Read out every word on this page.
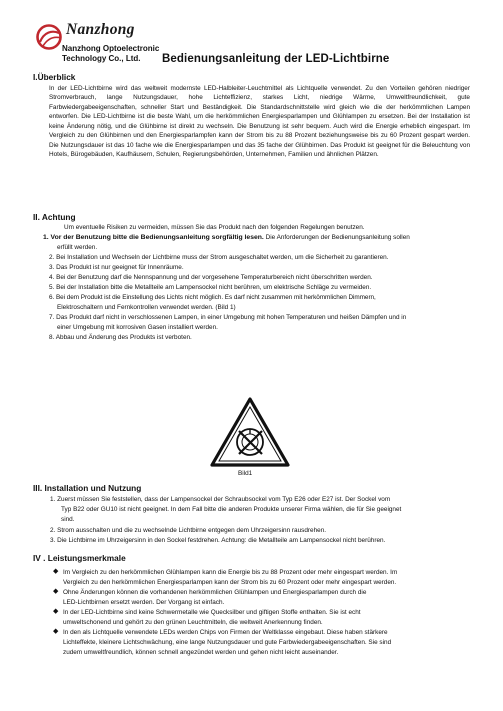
Nanzhong
Nanzhong Optoelectronic
Technology Co., Ltd.	Bedienungsanleitung der LED-Lichtbirne
I.Überblick
In der LED-Lichtbirne wird das weltweit modernste LED-Halbleiter-Leuchtmittel als Lichtquelle verwendet. Zu den Vorteilen gehören niedriger Stromverbrauch, lange Nutzungsdauer, hohe Lichteffizienz, starkes Licht, niedrige Wärme, Umweltfreundlichkeit, gute Farbwiedergabeeigenschaften, schneller Start und Beständigkeit. Die Standardschnittstelle wird gleich wie die der herkömmlichen Lampen entworfen. Die LED-Lichtbirne ist die beste Wahl, um die herkömmlichen Energiesparlampen und Glühlampen zu ersetzen. Bei der Installation ist keine Änderung nötig, und die Glühbirne ist direkt zu wechseln. Die Benutzung ist sehr bequem. Auch wird die Energie erheblich eingespart. Im Vergleich zu den Glühbirnen und den Energiesparlampfen kann der Strom bis zu 88 Prozent beziehungsweise bis zu 60 Prozent gespart werden. Die Nutzungsdauer ist das 10 fache wie die Energiesparlampen und das 35 fache der Glühbirnen. Das Produkt ist geeignet für die Beleuchtung von Hotels, Bürogebäuden, Kaufhäusern, Schulen, Regierungsbehörden, Unternehmen, Familien und ähnlichen Plätzen.
II. Achtung
Um eventuelle Risiken zu vermeiden, müssen Sie das Produkt nach den folgenden Regelungen benutzen.
1. Vor der Benutzung bitte die Bedienungsanleitung sorgfältig lesen. Die Anforderungen der Bedienungsanleitung sollen
erfüllt werden.
2. Bei Installation und Wechseln der Lichtbirne muss der Strom ausgeschaltet werden, um die Sicherheit zu garantieren.
3. Das Produkt ist nur geeignet für Innenräume.
4. Bei der Benutzung darf die Nennspannung und der vorgesehene Temperaturbereich nicht überschritten werden.
5. Bei der Installation bitte die Metallteile am Lampensockel nicht berühren, um elektrische Schläge zu vermeiden.
6. Bei dem Produkt ist die Einstellung des Lichts nicht möglich. Es darf nicht zusammen mit herkömmlichen Dimmern,
Elektroschaltern und Fernkontrollen verwendet werden. (Bild 1)
7. Das Produkt darf nicht in verschlossenen Lampen, in einer Umgebung mit hohen Temperaturen und heißen Dämpfen und in
einer Umgebung mit korrosiven Gasen installiert werden.
8. Abbau und Änderung des Produkts ist verboten.
Bild1
III. Installation und Nutzung
1. Zuerst müssen Sie feststellen, dass der Lampensockel der Schraubsockel vom Typ E26 oder E27 ist. Der Sockel vom
Typ B22 oder GU10 ist nicht geeignet. In dem Fall bitte die anderen Produkte unserer Firma wählen, die für Sie geeignet
sind.
2. Strom ausschalten und die zu wechselnde Lichtbirne entgegen dem Uhrzeigersinn rausdrehen.
3. Die Lichtbirne im Uhrzeigersinn in den Sockel festdrehen. Achtung: die Metallteile am Lampensockel nicht berühren.
IV . Leistungsmerkmale
◆ Im Vergleich zu den herkömmlichen Glühlampen kann die Energie bis zu 88 Prozent oder mehr eingespart werden. Im
Vergleich zu den herkömmlichen Energiesparlampen kann der Strom bis zu 60 Prozent oder mehr eingespart werden.
◆ Ohne Änderungen können die vorhandenen herkömmlichen Glühlampen und Energiesparlampen durch die
LED-Lichtbirnen ersetzt werden. Der Vorgang ist einfach.
◆ In der LED-Lichtbirne sind keine Schwermetalle wie Quecksilber und giftigen Stoffe enthalten. Sie ist echt
umweltschonend und gehört zu den grünen Leuchtmitteln, die weltweit Anerkennung finden.
◆ In den als Lichtquelle verwendete LEDs werden Chips von Firmen der Weltklasse eingebaut. Diese haben stärkere
Lichteffekte, kleinere Lichtschwächung, eine lange Nutzungsdauer und gute Farbwiedergabeeigenschaften. Sie sind
zudem umweltfreundlich, können schnell angezündet werden und gehen nicht leicht auseinander.
